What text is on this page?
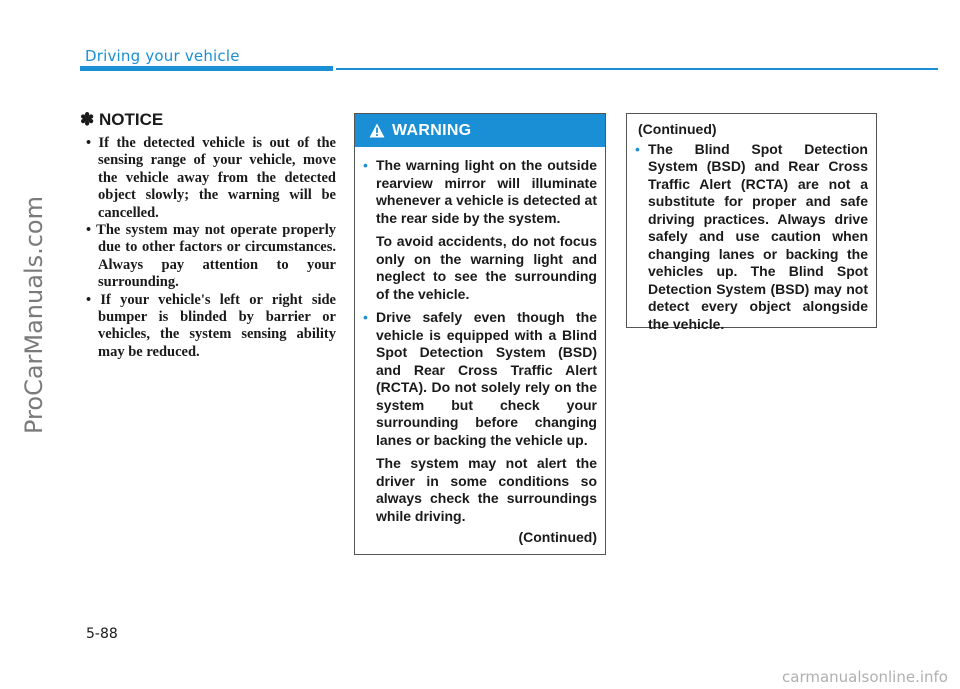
Driving your vehicle
ProCarManuals.com
✽ NOTICE
• If the detected vehicle is out of the sensing range of your vehicle, move the vehicle away from the detected object slowly; the warning will be cancelled.
• The system may not operate properly due to other factors or circumstances. Always pay attention to your surrounding.
• If your vehicle's left or right side bumper is blinded by barrier or vehicles, the system sensing ability may be reduced.
WARNING
• The warning light on the outside rearview mirror will illuminate whenever a vehicle is detected at the rear side by the system.

To avoid accidents, do not focus only on the warning light and neglect to see the surrounding of the vehicle.

• Drive safely even though the vehicle is equipped with a Blind Spot Detection System (BSD) and Rear Cross Traffic Alert (RCTA). Do not solely rely on the system but check your surrounding before changing lanes or backing the vehicle up.

The system may not alert the driver in some conditions so always check the surroundings while driving.

(Continued)
(Continued)
• The Blind Spot Detection System (BSD) and Rear Cross Traffic Alert (RCTA) are not a substitute for proper and safe driving practices. Always drive safely and use caution when changing lanes or backing the vehicles up. The Blind Spot Detection System (BSD) may not detect every object alongside the vehicle.

5-88
carmanualsonline.info
